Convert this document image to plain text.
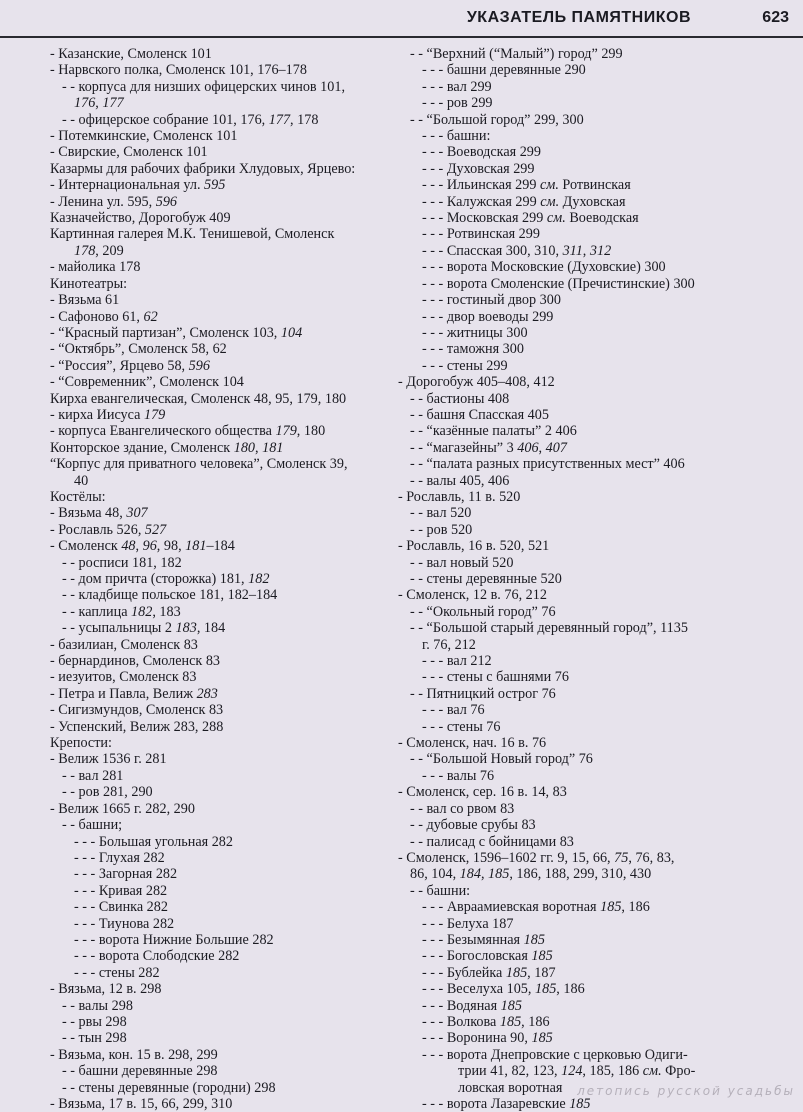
УКАЗАТЕЛЬ ПАМЯТНИКОВ	623
- Казанские, Смоленск 101
- Нарвского полка, Смоленск 101, 176–178
- - корпуса для низших офицерских чинов 101,
176, 177
- - офицерское собрание 101, 176, 177, 178
- Потемкинские, Смоленск 101
- Свирские, Смоленск 101
Казармы для рабочих фабрики Хлудовых, Ярцево:
- Интернациональная ул. 595
- Ленина ул. 595, 596
Казначейство, Дорогобуж 409
Картинная галерея М.К. Тенишевой, Смоленск
178, 209
- майолика 178
Кинотеатры:
- Вязьма 61
- Сафоново 61, 62
- “Красный партизан”, Смоленск 103, 104
- “Октябрь”, Смоленск 58, 62
- “Россия”, Ярцево 58, 596
- “Современник”, Смоленск 104
Кирха евангелическая, Смоленск 48, 95, 179, 180
- кирха Иисуса 179
- корпуса Евангелического общества 179, 180
Конторское здание, Смоленск 180, 181
“Корпус для приватного человека”, Смоленск 39,
40
Костёлы:
- Вязьма 48, 307
- Рославль 526, 527
- Смоленск 48, 96, 98, 181–184
- - росписи 181, 182
- - дом причта (сторожка) 181, 182
- - кладбище польское 181, 182–184
- - каплица 182, 183
- - усыпальницы 2 183, 184
- базилиан, Смоленск 83
- бернардинов, Смоленск 83
- иезуитов, Смоленск 83
- Петра и Павла, Велиж 283
- Сигизмундов, Смоленск 83
- Успенский, Велиж 283, 288
Крепости:
- Велиж 1536 г. 281
- - вал 281
- - ров 281, 290
- Велиж 1665 г. 282, 290
- - башни;
- - - Большая угольная 282
- - - Глухая 282
- - - Загорная 282
- - - Кривая 282
- - - Свинка 282
- - - Тиунова 282
- - - ворота Нижние Большие 282
- - - ворота Слободские 282
- - - стены 282
- Вязьма, 12 в. 298
- - валы 298
- - рвы 298
- - тын 298
- Вязьма, кон. 15 в. 298, 299
- - башни деревянные 298
- - стены деревянные (городни) 298
- Вязьма, 17 в. 15, 66, 299, 310
- - “Верхний (“Малый”) город” 299
- - - башни деревянные 290
- - - вал 299
- - - ров 299
- - “Большой город” 299, 300
- - - башни:
- - - Воеводская 299
- - - Духовская 299
- - - Ильинская 299 см. Ротвинская
- - - Калужская 299 см. Духовская
- - - Московская 299 см. Воеводская
- - - Ротвинская 299
- - - Спасская 300, 310, 311, 312
- - - ворота Московские (Духовские) 300
- - - ворота Смоленские (Пречистинские) 300
- - - гостиный двор 300
- - - двор воеводы 299
- - - житницы 300
- - - таможня 300
- - - стены 299
- Дорогобуж 405–408, 412
- - бастионы 408
- - башня Спасская 405
- - “казённые палаты” 2 406
- - “магазейны” 3 406, 407
- - “палата разных присутственных мест” 406
- - валы 405, 406
- Рославль, 11 в. 520
- - вал 520
- - ров 520
- Рославль, 16 в. 520, 521
- - вал новый 520
- - стены деревянные 520
- Смоленск, 12 в. 76, 212
- - “Окольный город” 76
- - “Большой старый деревянный город”, 1135
г. 76, 212
- - - вал 212
- - - стены с башнями 76
- - Пятницкий острог 76
- - - вал 76
- - - стены 76
- Смоленск, нач. 16 в. 76
- - “Большой Новый город” 76
- - - валы 76
- Смоленск, сер. 16 в. 14, 83
- - вал со рвом 83
- - дубовые срубы 83
- - палисад с бойницами 83
- Смоленск, 1596–1602 гг. 9, 15, 66, 75, 76, 83,
86, 104, 184, 185, 186, 188, 299, 310, 430
- - башни:
- - - Авраамиевская воротная 185, 186
- - - Белуха 187
- - - Безымянная 185
- - - Богословская 185
- - - Бублейка 185, 187
- - - Веселуха 105, 185, 186
- - - Водяная 185
- - - Волкова 185, 186
- - - Воронина 90, 185
- - - ворота Днепровские с церковью Одиги-
трии 41, 82, 123, 124, 185, 186 см. Фро-
ловская воротная
- - - ворота Лазаревские 185
летопись русской усадьбы
